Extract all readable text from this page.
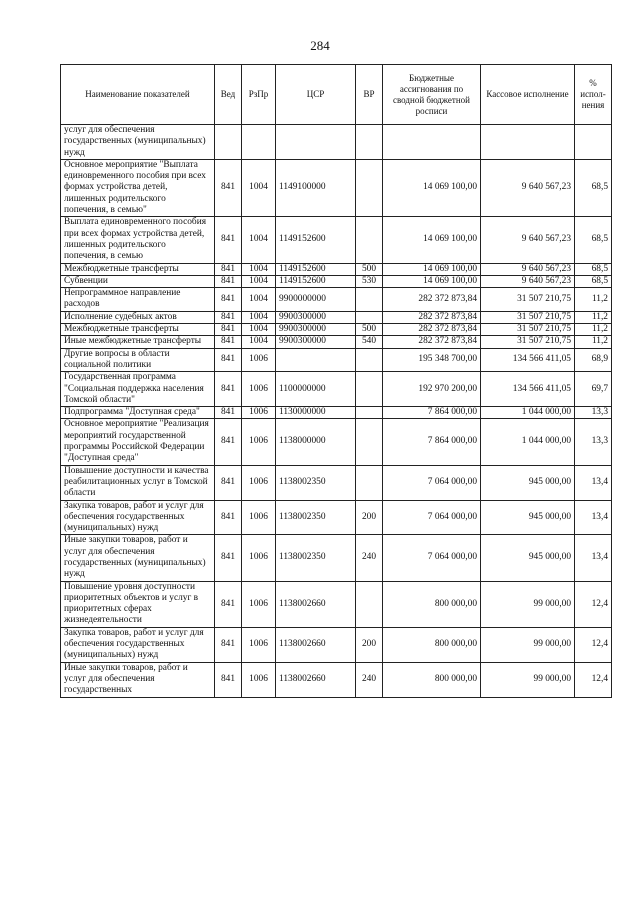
284
Наименование показателей	Вед	РзПр	ЦСР	ВР	Бюджетные ассигнования по сводной бюджетной росписи	Кассовое исполнение	% испол-нения
услуг для обеспечения государственных (муниципальных) нужд							
Основное мероприятие "Выплата единовременного пособия при всех формах устройства детей, лишенных родительского попечения, в семью"	841	1004	1149100000		14 069 100,00	9 640 567,23	68,5
Выплата единовременного пособия при всех формах устройства детей, лишенных родительского попечения, в семью	841	1004	1149152600		14 069 100,00	9 640 567,23	68,5
Межбюджетные трансферты	841	1004	1149152600	500	14 069 100,00	9 640 567,23	68,5
Субвенции	841	1004	1149152600	530	14 069 100,00	9 640 567,23	68,5
Непрограммное направление расходов	841	1004	9900000000		282 372 873,84	31 507 210,75	11,2
Исполнение судебных актов	841	1004	9900300000		282 372 873,84	31 507 210,75	11,2
Межбюджетные трансферты	841	1004	9900300000	500	282 372 873,84	31 507 210,75	11,2
Иные межбюджетные трансферты	841	1004	9900300000	540	282 372 873,84	31 507 210,75	11,2
Другие вопросы в области социальной политики	841	1006			195 348 700,00	134 566 411,05	68,9
Государственная программа "Социальная поддержка населения Томской области"	841	1006	1100000000		192 970 200,00	134 566 411,05	69,7
Подпрограмма "Доступная среда"	841	1006	1130000000		7 864 000,00	1 044 000,00	13,3
Основное мероприятие "Реализация мероприятий государственной программы Российской Федерации "Доступная среда"	841	1006	1138000000		7 864 000,00	1 044 000,00	13,3
Повышение доступности и качества реабилитационных услуг в Томской области	841	1006	1138002350		7 064 000,00	945 000,00	13,4
Закупка товаров, работ и услуг для обеспечения государственных (муниципальных) нужд	841	1006	1138002350	200	7 064 000,00	945 000,00	13,4
Иные закупки товаров, работ и услуг для обеспечения государственных (муниципальных) нужд	841	1006	1138002350	240	7 064 000,00	945 000,00	13,4
Повышение уровня доступности приоритетных объектов и услуг в приоритетных сферах жизнедеятельности	841	1006	1138002660		800 000,00	99 000,00	12,4
Закупка товаров, работ и услуг для обеспечения государственных (муниципальных) нужд	841	1006	1138002660	200	800 000,00	99 000,00	12,4
Иные закупки товаров, работ и услуг для обеспечения государственных	841	1006	1138002660	240	800 000,00	99 000,00	12,4
